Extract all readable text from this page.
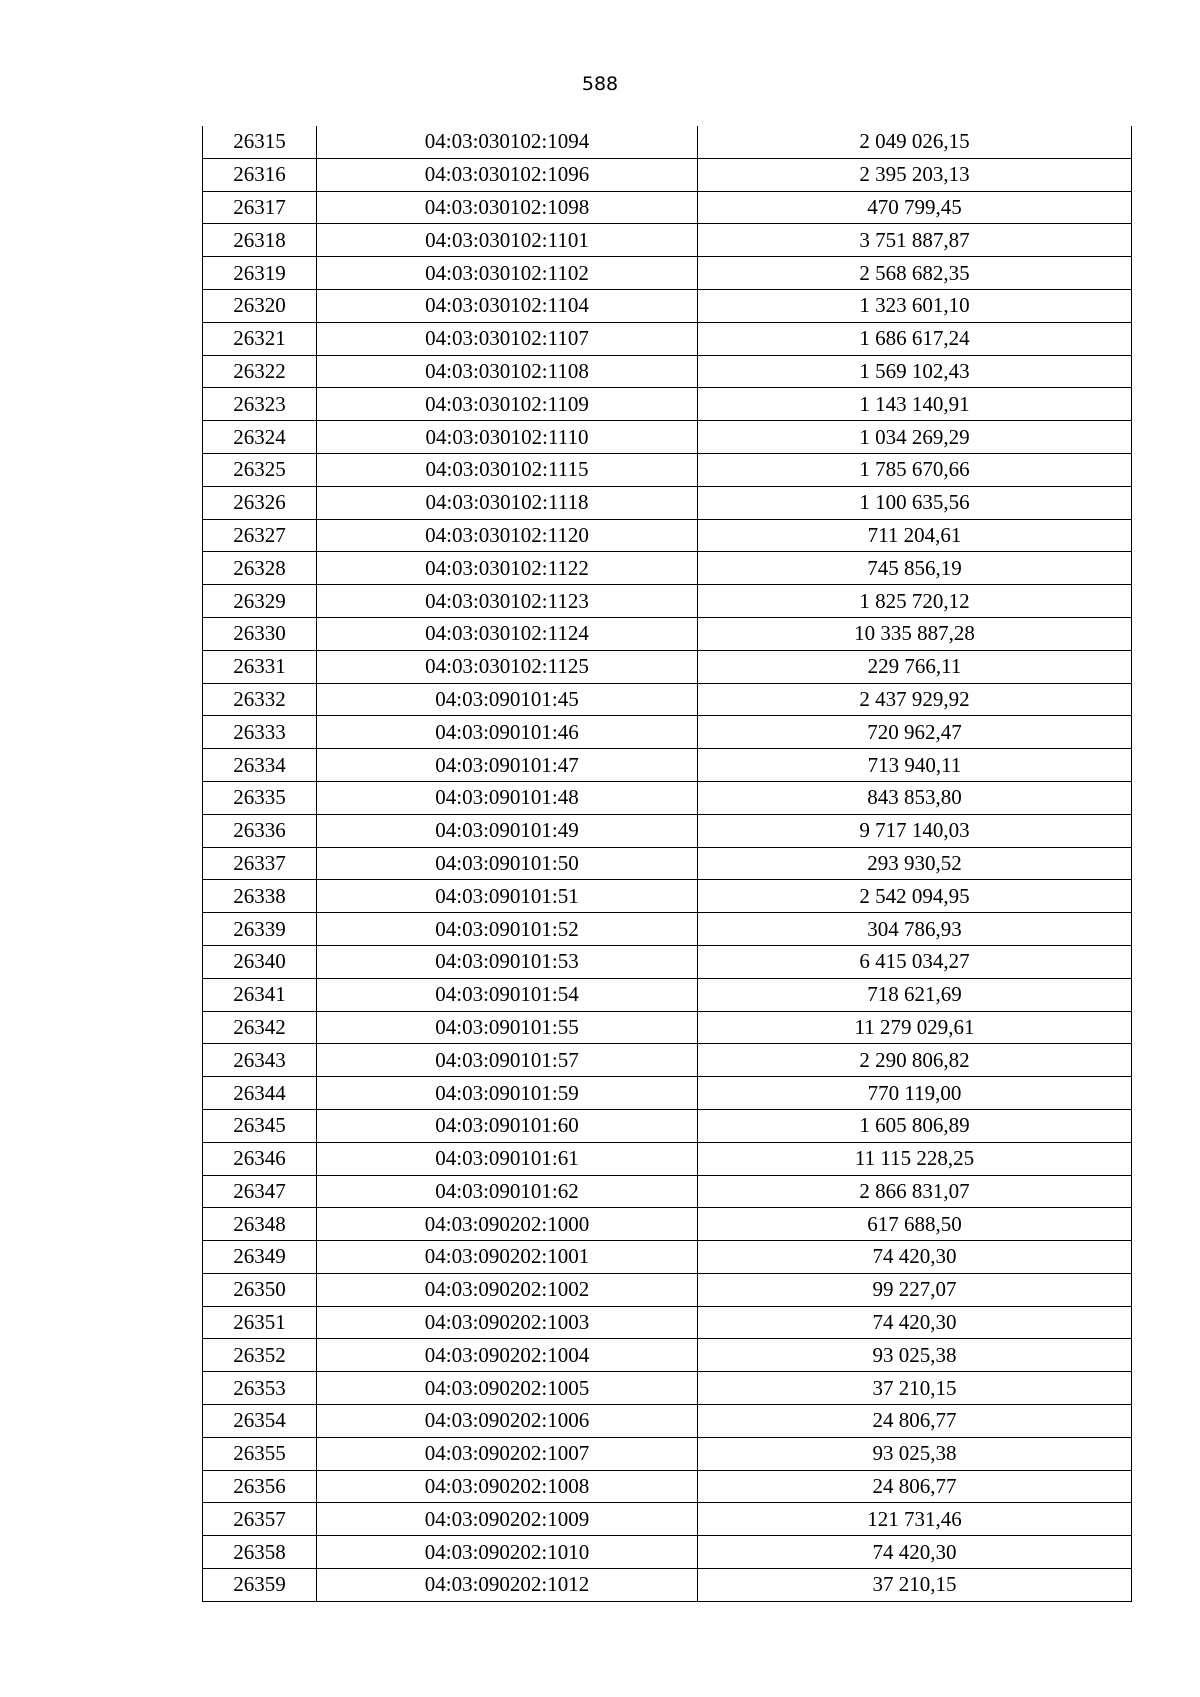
588
26315	04:03:030102:1094	2 049 026,15
26316	04:03:030102:1096	2 395 203,13
26317	04:03:030102:1098	470 799,45
26318	04:03:030102:1101	3 751 887,87
26319	04:03:030102:1102	2 568 682,35
26320	04:03:030102:1104	1 323 601,10
26321	04:03:030102:1107	1 686 617,24
26322	04:03:030102:1108	1 569 102,43
26323	04:03:030102:1109	1 143 140,91
26324	04:03:030102:1110	1 034 269,29
26325	04:03:030102:1115	1 785 670,66
26326	04:03:030102:1118	1 100 635,56
26327	04:03:030102:1120	711 204,61
26328	04:03:030102:1122	745 856,19
26329	04:03:030102:1123	1 825 720,12
26330	04:03:030102:1124	10 335 887,28
26331	04:03:030102:1125	229 766,11
26332	04:03:090101:45	2 437 929,92
26333	04:03:090101:46	720 962,47
26334	04:03:090101:47	713 940,11
26335	04:03:090101:48	843 853,80
26336	04:03:090101:49	9 717 140,03
26337	04:03:090101:50	293 930,52
26338	04:03:090101:51	2 542 094,95
26339	04:03:090101:52	304 786,93
26340	04:03:090101:53	6 415 034,27
26341	04:03:090101:54	718 621,69
26342	04:03:090101:55	11 279 029,61
26343	04:03:090101:57	2 290 806,82
26344	04:03:090101:59	770 119,00
26345	04:03:090101:60	1 605 806,89
26346	04:03:090101:61	11 115 228,25
26347	04:03:090101:62	2 866 831,07
26348	04:03:090202:1000	617 688,50
26349	04:03:090202:1001	74 420,30
26350	04:03:090202:1002	99 227,07
26351	04:03:090202:1003	74 420,30
26352	04:03:090202:1004	93 025,38
26353	04:03:090202:1005	37 210,15
26354	04:03:090202:1006	24 806,77
26355	04:03:090202:1007	93 025,38
26356	04:03:090202:1008	24 806,77
26357	04:03:090202:1009	121 731,46
26358	04:03:090202:1010	74 420,30
26359	04:03:090202:1012	37 210,15
